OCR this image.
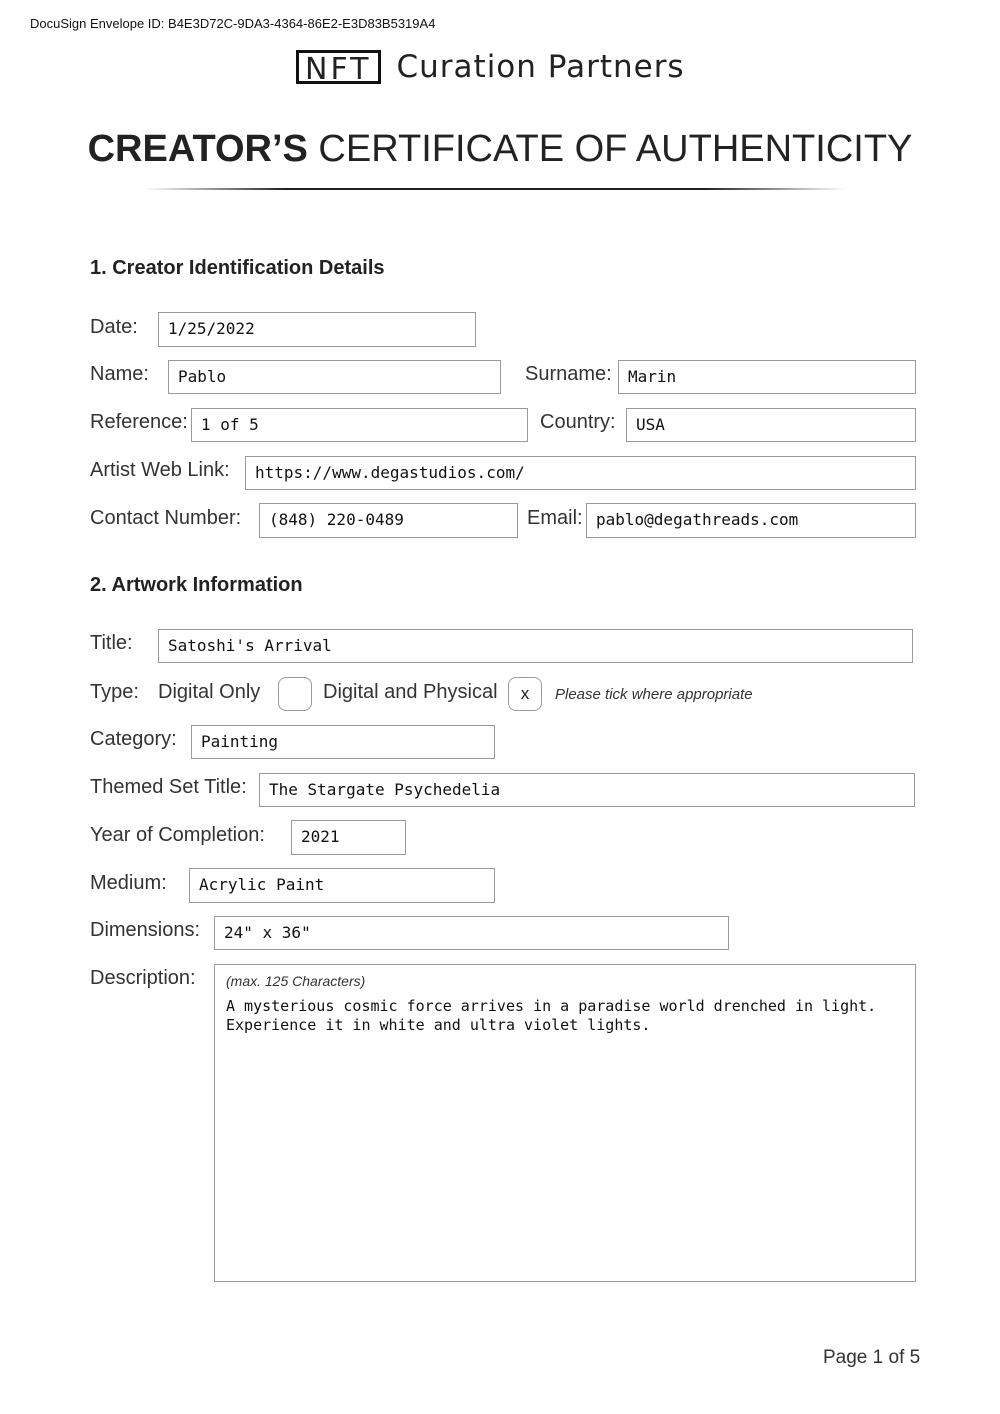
DocuSign Envelope ID: B4E3D72C-9DA3-4364-86E2-E3D83B5319A4
NFT Curation Partners
CREATOR’S CERTIFICATE OF AUTHENTICITY
1. Creator Identification Details
Date:	1/25/2022
Name:	Pablo	Surname:	Marin
Reference: 1 of 5	Country:	USA
Artist Web Link:	https://www.degastudios.com/
Contact Number:	(848) 220-0489	Email: pablo@degathreads.com
2. Artwork Information
Title:	Satoshi's Arrival
Type: Digital Only	Digital and Physical	x	Please tick where appropriate
Category:	Painting
Themed Set Title:	The Stargate Psychedelia
Year of Completion:	2021
Medium:	Acrylic Paint
Dimensions:	24" x 36"
Description: (max. 125 Characters)
A mysterious cosmic force arrives in a paradise world drenched in light.
Experience it in white and ultra violet lights.
Page 1 of 5
